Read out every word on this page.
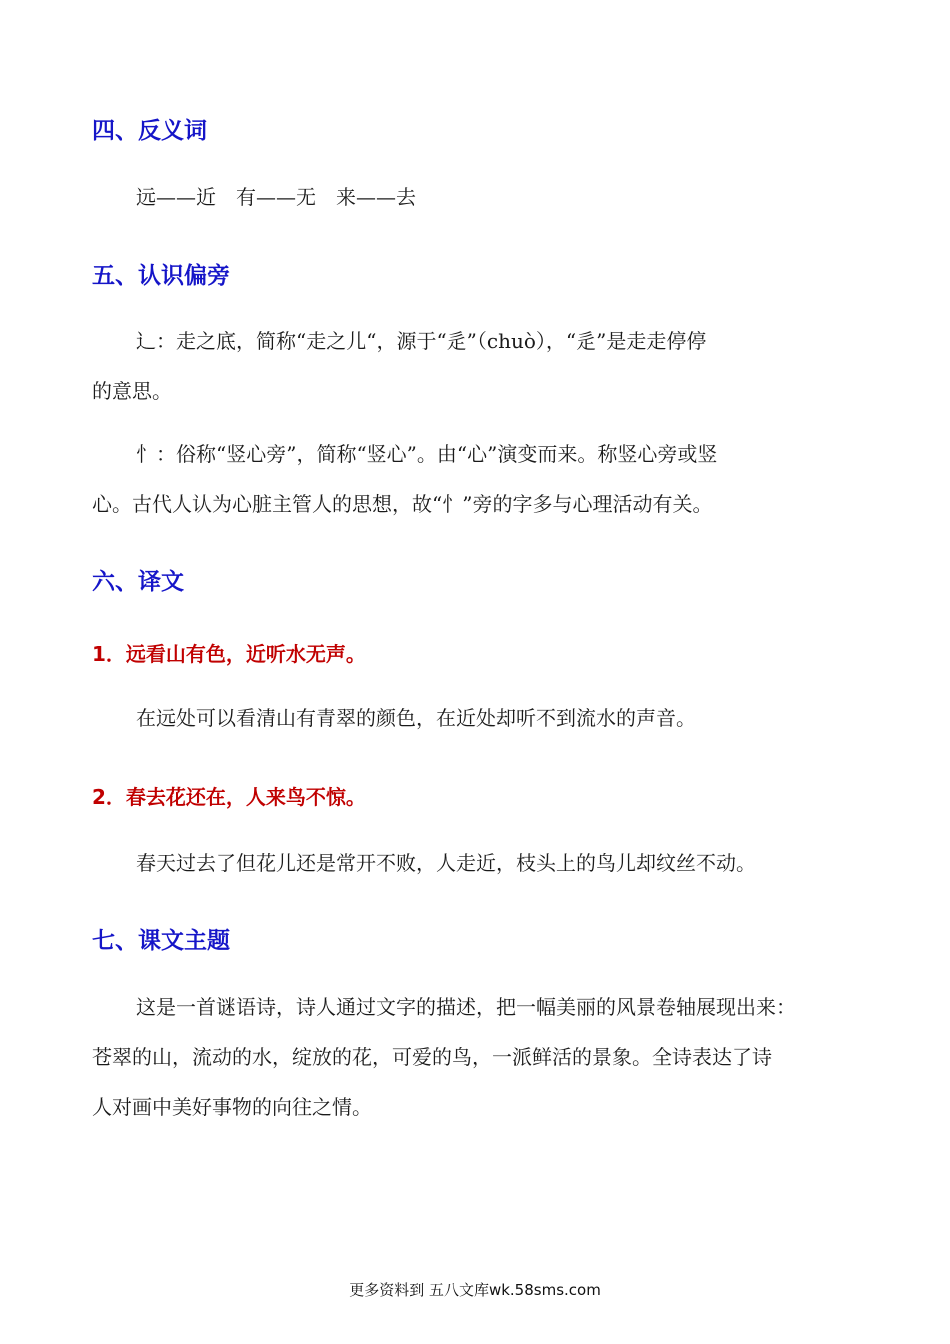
四、反义词
远——近　有——无　来——去
五、认识偏旁
辶：走之底，简称“走之儿“，源于“辵”（chuò），“辵”是走走停停
的意思。
忄：俗称“竖心旁”，简称“竖心”。由“心”演变而来。称竖心旁或竖
心。古代人认为心脏主管人的思想，故“忄”旁的字多与心理活动有关。
六、译文
1．远看山有色，近听水无声。
在远处可以看清山有青翠的颜色，在近处却听不到流水的声音。
2．春去花还在，人来鸟不惊。
春天过去了但花儿还是常开不败，人走近，枝头上的鸟儿却纹丝不动。
七、课文主题
这是一首谜语诗，诗人通过文字的描述，把一幅美丽的风景卷轴展现出来：
苍翠的山，流动的水，绽放的花，可爱的鸟，一派鲜活的景象。全诗表达了诗
人对画中美好事物的向往之情。
更多资料到 五八文库wk.58sms.com
